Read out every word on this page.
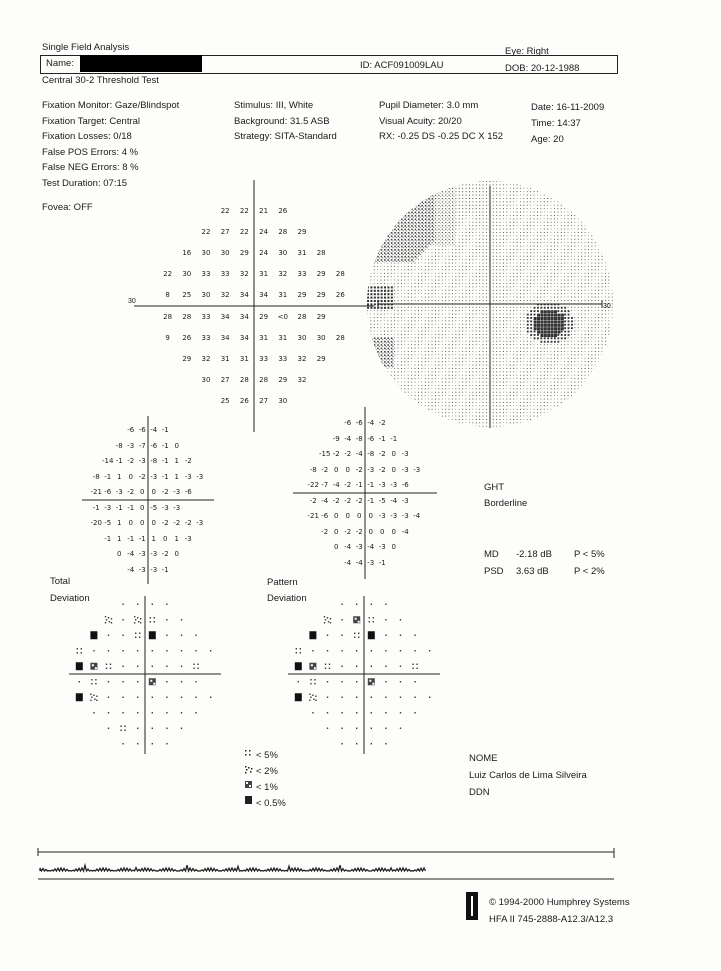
Single Field Analysis
Name:	ID: ACF091009LAU
Eye: Right
DOB: 20-12-1988
Central 30-2 Threshold Test
Fixation Monitor: Gaze/Blindspot
Fixation Target: Central
Fixation Losses: 0/18
False POS Errors: 4 %
False NEG Errors: 8 %
Test Duration: 07:15
Fovea: OFF
Stimulus: III, White
Background: 31.5 ASB
Strategy: SITA-Standard
Pupil Diameter: 3.0 mm
Visual Acuity: 20/20
RX: -0.25 DS -0.25 DC X 152
Date: 16-11-2009
Time: 14:37
Age: 20
22 22 21 26
22 27 22 24 28 29
16 30 30 29 24 30 31 28
22 30 33 33 32 31 32 33 29 28
8 25 30 32 34 34 31 29 29 26
28 28 33 34 34 29 <0 28 29
9 26 33 34 34 31 31 30 30 28
29 32 31 31 33 33 32 29
30 27 28 28 29 32
25 26 27 30
30
30
-6 -6 -4 -1
-8 -3 -7 -6 -1 0
-14 -1 -2 -3 -8 -1 1 -2
-8 -1 1 0 -2 -3 -1 1 -3 -3
-21 -6 -3 -2 0 0 -2 -3 -6
-1 -3 -1 -1 0 -5 -3 -3
-20 -5 1 0 0 0 -2 -2 -2 -3
-1 1 -1 -1 1 0 1 -3
0 -4 -3 -3 -2 0
-4 -3 -3 -1
-6 -6 -4 -2
-9 -4 -8 -6 -1 -1
-15 -2 -2 -4 -8 -2 0 -3
-8 -2 0 0 -2 -3 -2 0 -3 -3
-22 -7 -4 -2 -1 -1 -3 -3 -6
-2 -4 -2 -2 -2 -1 -5 -4 -3
-21 -6 0 0 0 0 -3 -3 -3 -4
-2 0 -2 -2 0 0 0 -4
0 -4 -3 -4 -3 0
-4 -4 -3 -1
Total
Deviation
Pattern
Deviation
GHT
Borderline
MD -2.18 dB P < 5%
PSD 3.63 dB	P < 2%
< 5%
< 2%
< 1%
< 0.5%
NOME
Luiz Carlos de Lima Silveira
DDN
© 1994-2000 Humphrey Systems
HFA II 745-2888-A12.3/A12.3
